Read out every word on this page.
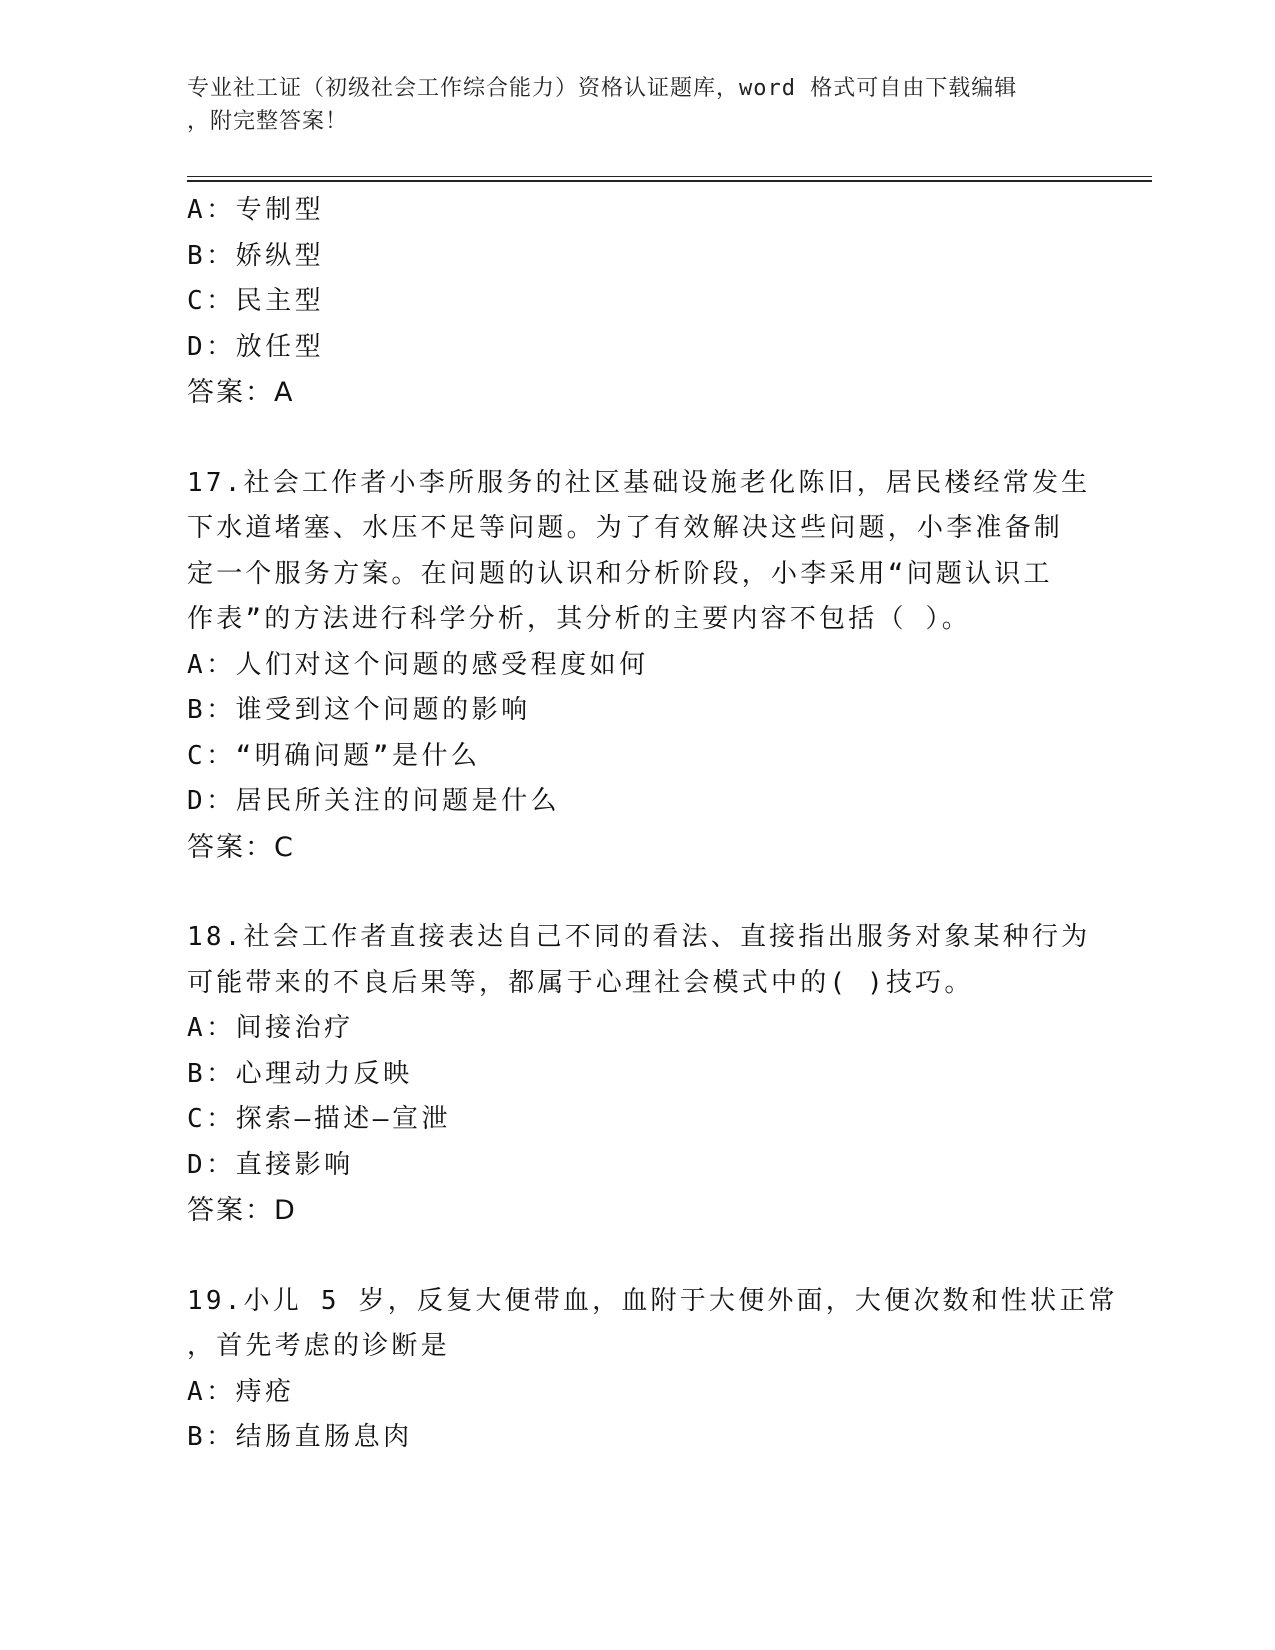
专业社工证（初级社会工作综合能力）资格认证题库，word 格式可自由下载编辑
，附完整答案！
A：专制型
B：娇纵型
C：民主型
D：放任型
答案：A
17.社会工作者小李所服务的社区基础设施老化陈旧，居民楼经常发生
下水道堵塞、水压不足等问题。为了有效解决这些问题，小李准备制
定一个服务方案。在问题的认识和分析阶段，小李采用“问题认识工
作表”的方法进行科学分析，其分析的主要内容不包括（ ）。
A：人们对这个问题的感受程度如何
B：谁受到这个问题的影响
C：“明确问题”是什么
D：居民所关注的问题是什么
答案：C
18.社会工作者直接表达自己不同的看法、直接指出服务对象某种行为
可能带来的不良后果等，都属于心理社会模式中的( )技巧。
A：间接治疗
B：心理动力反映
C：探索—描述—宣泄
D：直接影响
答案：D
19.小儿 5 岁，反复大便带血，血附于大便外面，大便次数和性状正常
，首先考虑的诊断是
A：痔疮
B：结肠直肠息肉
